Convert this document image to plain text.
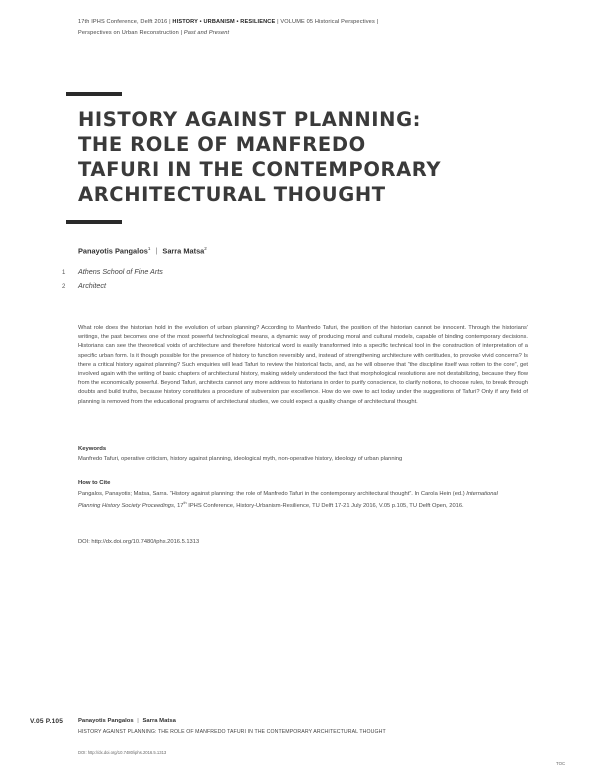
17th IPHS Conference, Delft 2016 | HISTORY • URBANISM • RESILIENCE | VOLUME 05 Historical Perspectives |
Perspectives on Urban Reconstruction | Past and Present
HISTORY AGAINST PLANNING:
THE ROLE OF MANFREDO
TAFURI IN THE CONTEMPORARY
ARCHITECTURAL THOUGHT
Panayotis Pangalos$^1$ | Sarra Matsa$^2$
1 Athens School of Fine Arts
2 Architect

What role does the historian hold in the evolution of urban planning? According to Manfredo Tafuri, the position of the historian cannot be innocent. Through the historians' writings, the past becomes one of the most powerful technological means, a dynamic way of producing moral and cultural models, capable of binding contemporary decisions. Historians can see the theoretical voids of architecture and therefore historical word is easily transformed into a specific technical tool in the construction of interpretation of a specific urban form. Is it though possible for the presence of history to function reversibly and, instead of strengthening architecture with certitudes, to provoke vivid concerns? Is there a critical history against planning? Such enquiries will lead Tafuri to review the historical facts, and, as he will observe that “the discipline itself was rotten to the core”, get involved again with the writing of basic chapters of architectural history, making widely understood the fact that morphological resolutions are not destabilizing, because they flow from the economically powerful. Beyond Tafuri, architects cannot any more address to historians in order to purify conscience, to clarify notions, to choose rules, to break through doubts and build truths, because history constitutes a procedure of subversion par excellence. How do we owe to act today under the suggestions of Tafuri? Only if any field of planning is removed from the educational programs of architectural studies, we could expect a quality change of architectural thought.

Keywords
Manfredo Tafuri, operative criticism, history against planning, ideological myth, non-operative history, ideology of urban planning
How to Cite
Pangalos, Panayotis; Matsa, Sarra. “History against planning: the role of Manfredo Tafuri in the contemporary architectural thought”. In Carola Hein (ed.) International Planning History Society Proceedings, 17th IPHS Conference, History-Urbanism-Resilience, TU Delft 17-21 July 2016, V.05 p.105, TU Delft Open, 2016.
DOI: http://dx.doi.org/10.7480/iphs.2016.5.1313
V.05 P.105	Panayotis Pangalos | Sarra Matsa
HISTORY AGAINST PLANNING: THE ROLE OF MANFREDO TAFURI IN THE CONTEMPORARY ARCHITECTURAL THOUGHT
DOI: http://dx.doi.org/10.7480/iphs.2016.5.1313
TOC
